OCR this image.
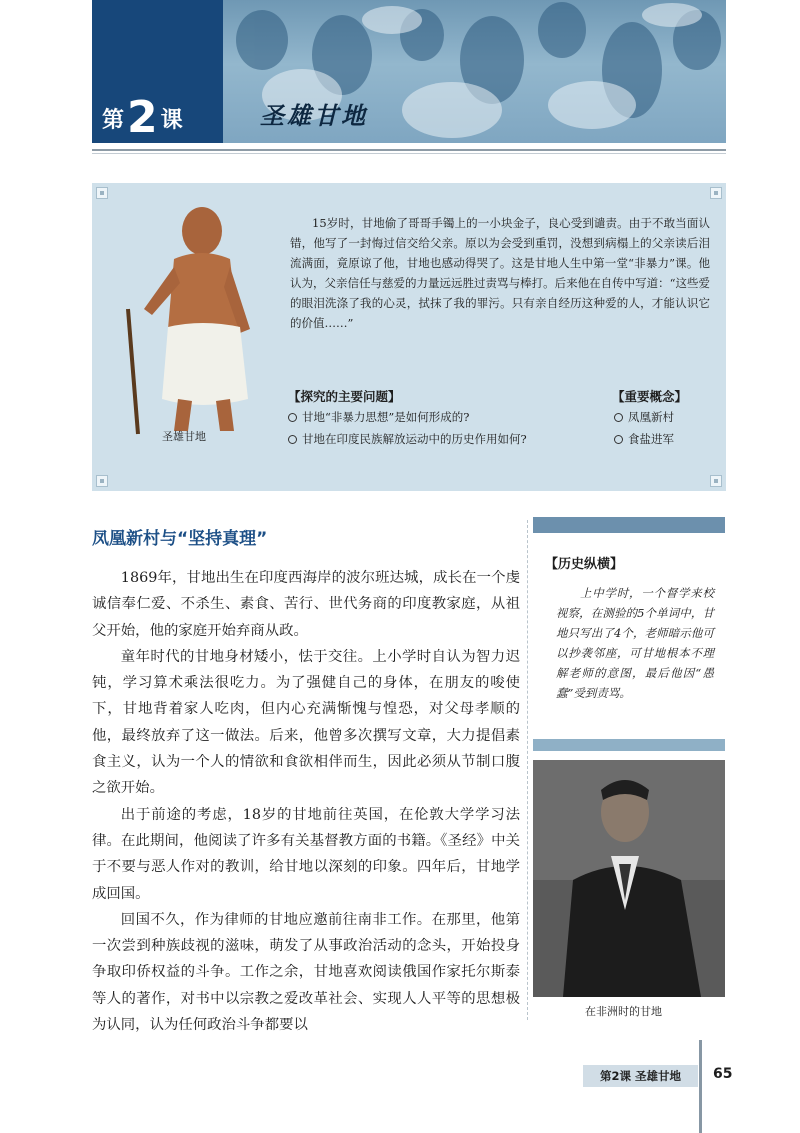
第 2 课	圣雄甘地
圣雄甘地
15岁时，甘地偷了哥哥手镯上的一小块金子，良心受到谴责。由于不敢当面认错，他写了一封悔过信交给父亲。原以为会受到重罚，没想到病榻上的父亲读后泪流满面，竟原谅了他，甘地也感动得哭了。这是甘地人生中第一堂“非暴力”课。他认为，父亲信任与慈爱的力量远远胜过责骂与棒打。后来他在自传中写道：“这些爱的眼泪洗涤了我的心灵，拭抹了我的罪污。只有亲自经历这种爱的人，才能认识它的价值……”
【探究的主要问题】
甘地“非暴力思想”是如何形成的?
甘地在印度民族解放运动中的历史作用如何?
【重要概念】
凤凰新村
食盐进军
凤凰新村与“坚持真理”

1869年，甘地出生在印度西海岸的波尔班达城，成长在一个虔诚信奉仁爱、不杀生、素食、苦行、世代务商的印度教家庭，从祖父开始，他的家庭开始弃商从政。

童年时代的甘地身材矮小，怯于交往。上小学时自认为智力迟钝，学习算术乘法很吃力。为了强健自己的身体，在朋友的唆使下，甘地背着家人吃肉，但内心充满惭愧与惶恐，对父母孝顺的他，最终放弃了这一做法。后来，他曾多次撰写文章，大力提倡素食主义，认为一个人的情欲和食欲相伴而生，因此必须从节制口腹之欲开始。

出于前途的考虑，18岁的甘地前往英国，在伦敦大学学习法律。在此期间，他阅读了许多有关基督教方面的书籍。《圣经》中关于不要与恶人作对的教训，给甘地以深刻的印象。四年后，甘地学成回国。

回国不久，作为律师的甘地应邀前往南非工作。在那里，他第一次尝到种族歧视的滋味，萌发了从事政治活动的念头，开始投身争取印侨权益的斗争。工作之余，甘地喜欢阅读俄国作家托尔斯泰等人的著作，对书中以宗教之爱改革社会、实现人人平等的思想极为认同，认为任何政治斗争都要以

【历史纵横】
上中学时，一个督学来校视察，在测验的5个单词中，甘地只写出了4个，老师暗示他可以抄袭邻座，可甘地根本不理解老师的意图，最后他因“愚蠢”受到责骂。
在非洲时的甘地
第2课 圣雄甘地	65
